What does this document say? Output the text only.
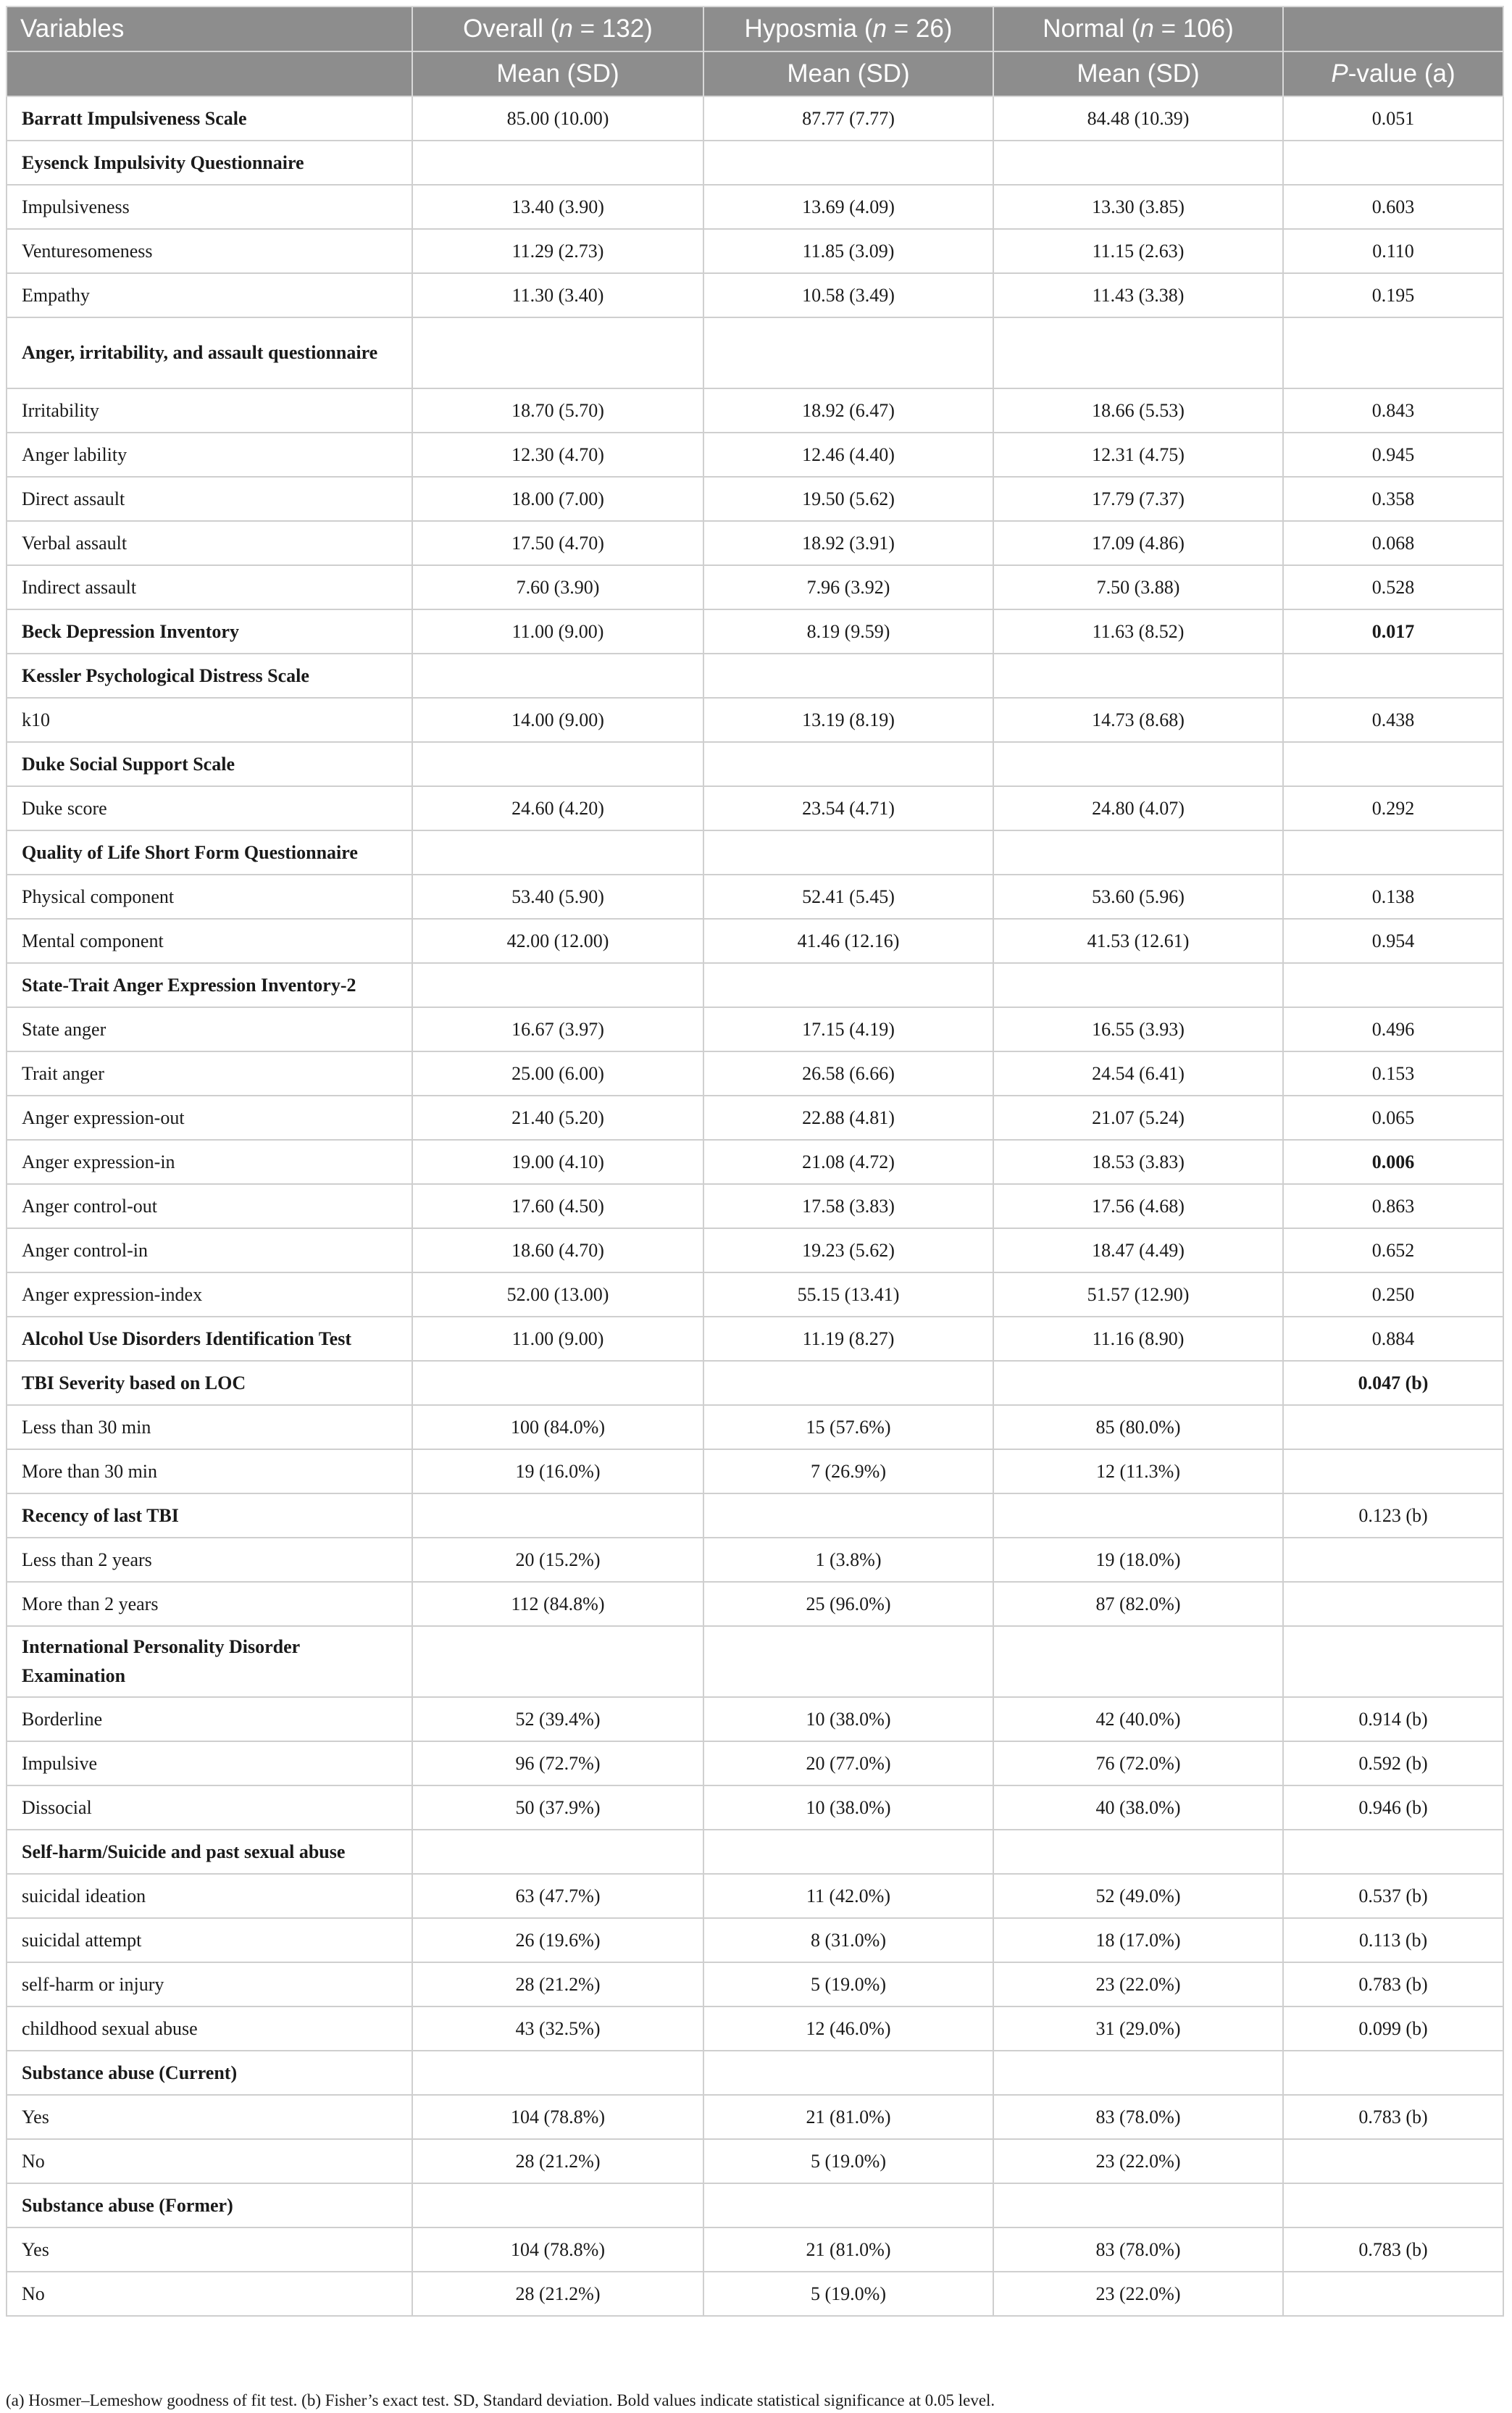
Variables	Overall (n = 132)	Hyposmia (n = 26)	Normal (n = 106)	
	Mean (SD)	Mean (SD)	Mean (SD)	P-value (a)
Barratt Impulsiveness Scale	85.00 (10.00)	87.77 (7.77)	84.48 (10.39)	0.051
Eysenck Impulsivity Questionnaire				
Impulsiveness	13.40 (3.90)	13.69 (4.09)	13.30 (3.85)	0.603
Venturesomeness	11.29 (2.73)	11.85 (3.09)	11.15 (2.63)	0.110
Empathy	11.30 (3.40)	10.58 (3.49)	11.43 (3.38)	0.195
Anger, irritability, and assault questionnaire				
Irritability	18.70 (5.70)	18.92 (6.47)	18.66 (5.53)	0.843
Anger lability	12.30 (4.70)	12.46 (4.40)	12.31 (4.75)	0.945
Direct assault	18.00 (7.00)	19.50 (5.62)	17.79 (7.37)	0.358
Verbal assault	17.50 (4.70)	18.92 (3.91)	17.09 (4.86)	0.068
Indirect assault	7.60 (3.90)	7.96 (3.92)	7.50 (3.88)	0.528
Beck Depression Inventory	11.00 (9.00)	8.19 (9.59)	11.63 (8.52)	0.017
Kessler Psychological Distress Scale				
k10	14.00 (9.00)	13.19 (8.19)	14.73 (8.68)	0.438
Duke Social Support Scale				
Duke score	24.60 (4.20)	23.54 (4.71)	24.80 (4.07)	0.292
Quality of Life Short Form Questionnaire				
Physical component	53.40 (5.90)	52.41 (5.45)	53.60 (5.96)	0.138
Mental component	42.00 (12.00)	41.46 (12.16)	41.53 (12.61)	0.954
State-Trait Anger Expression Inventory-2				
State anger	16.67 (3.97)	17.15 (4.19)	16.55 (3.93)	0.496
Trait anger	25.00 (6.00)	26.58 (6.66)	24.54 (6.41)	0.153
Anger expression-out	21.40 (5.20)	22.88 (4.81)	21.07 (5.24)	0.065
Anger expression-in	19.00 (4.10)	21.08 (4.72)	18.53 (3.83)	0.006
Anger control-out	17.60 (4.50)	17.58 (3.83)	17.56 (4.68)	0.863
Anger control-in	18.60 (4.70)	19.23 (5.62)	18.47 (4.49)	0.652
Anger expression-index	52.00 (13.00)	55.15 (13.41)	51.57 (12.90)	0.250
Alcohol Use Disorders Identification Test	11.00 (9.00)	11.19 (8.27)	11.16 (8.90)	0.884
TBI Severity based on LOC				0.047 (b)
Less than 30 min	100 (84.0%)	15 (57.6%)	85 (80.0%)	
More than 30 min	19 (16.0%)	7 (26.9%)	12 (11.3%)	
Recency of last TBI				0.123 (b)
Less than 2 years	20 (15.2%)	1 (3.8%)	19 (18.0%)	
More than 2 years	112 (84.8%)	25 (96.0%)	87 (82.0%)	
International Personality Disorder Examination				
Borderline	52 (39.4%)	10 (38.0%)	42 (40.0%)	0.914 (b)
Impulsive	96 (72.7%)	20 (77.0%)	76 (72.0%)	0.592 (b)
Dissocial	50 (37.9%)	10 (38.0%)	40 (38.0%)	0.946 (b)
Self-harm/Suicide and past sexual abuse				
suicidal ideation	63 (47.7%)	11 (42.0%)	52 (49.0%)	0.537 (b)
suicidal attempt	26 (19.6%)	8 (31.0%)	18 (17.0%)	0.113 (b)
self-harm or injury	28 (21.2%)	5 (19.0%)	23 (22.0%)	0.783 (b)
childhood sexual abuse	43 (32.5%)	12 (46.0%)	31 (29.0%)	0.099 (b)
Substance abuse (Current)				
Yes	104 (78.8%)	21 (81.0%)	83 (78.0%)	0.783 (b)
No	28 (21.2%)	5 (19.0%)	23 (22.0%)	
Substance abuse (Former)				
Yes	104 (78.8%)	21 (81.0%)	83 (78.0%)	0.783 (b)
No	28 (21.2%)	5 (19.0%)	23 (22.0%)	
(a) Hosmer–Lemeshow goodness of fit test. (b) Fisher’s exact test. SD, Standard deviation. Bold values indicate statistical significance at 0.05 level.
